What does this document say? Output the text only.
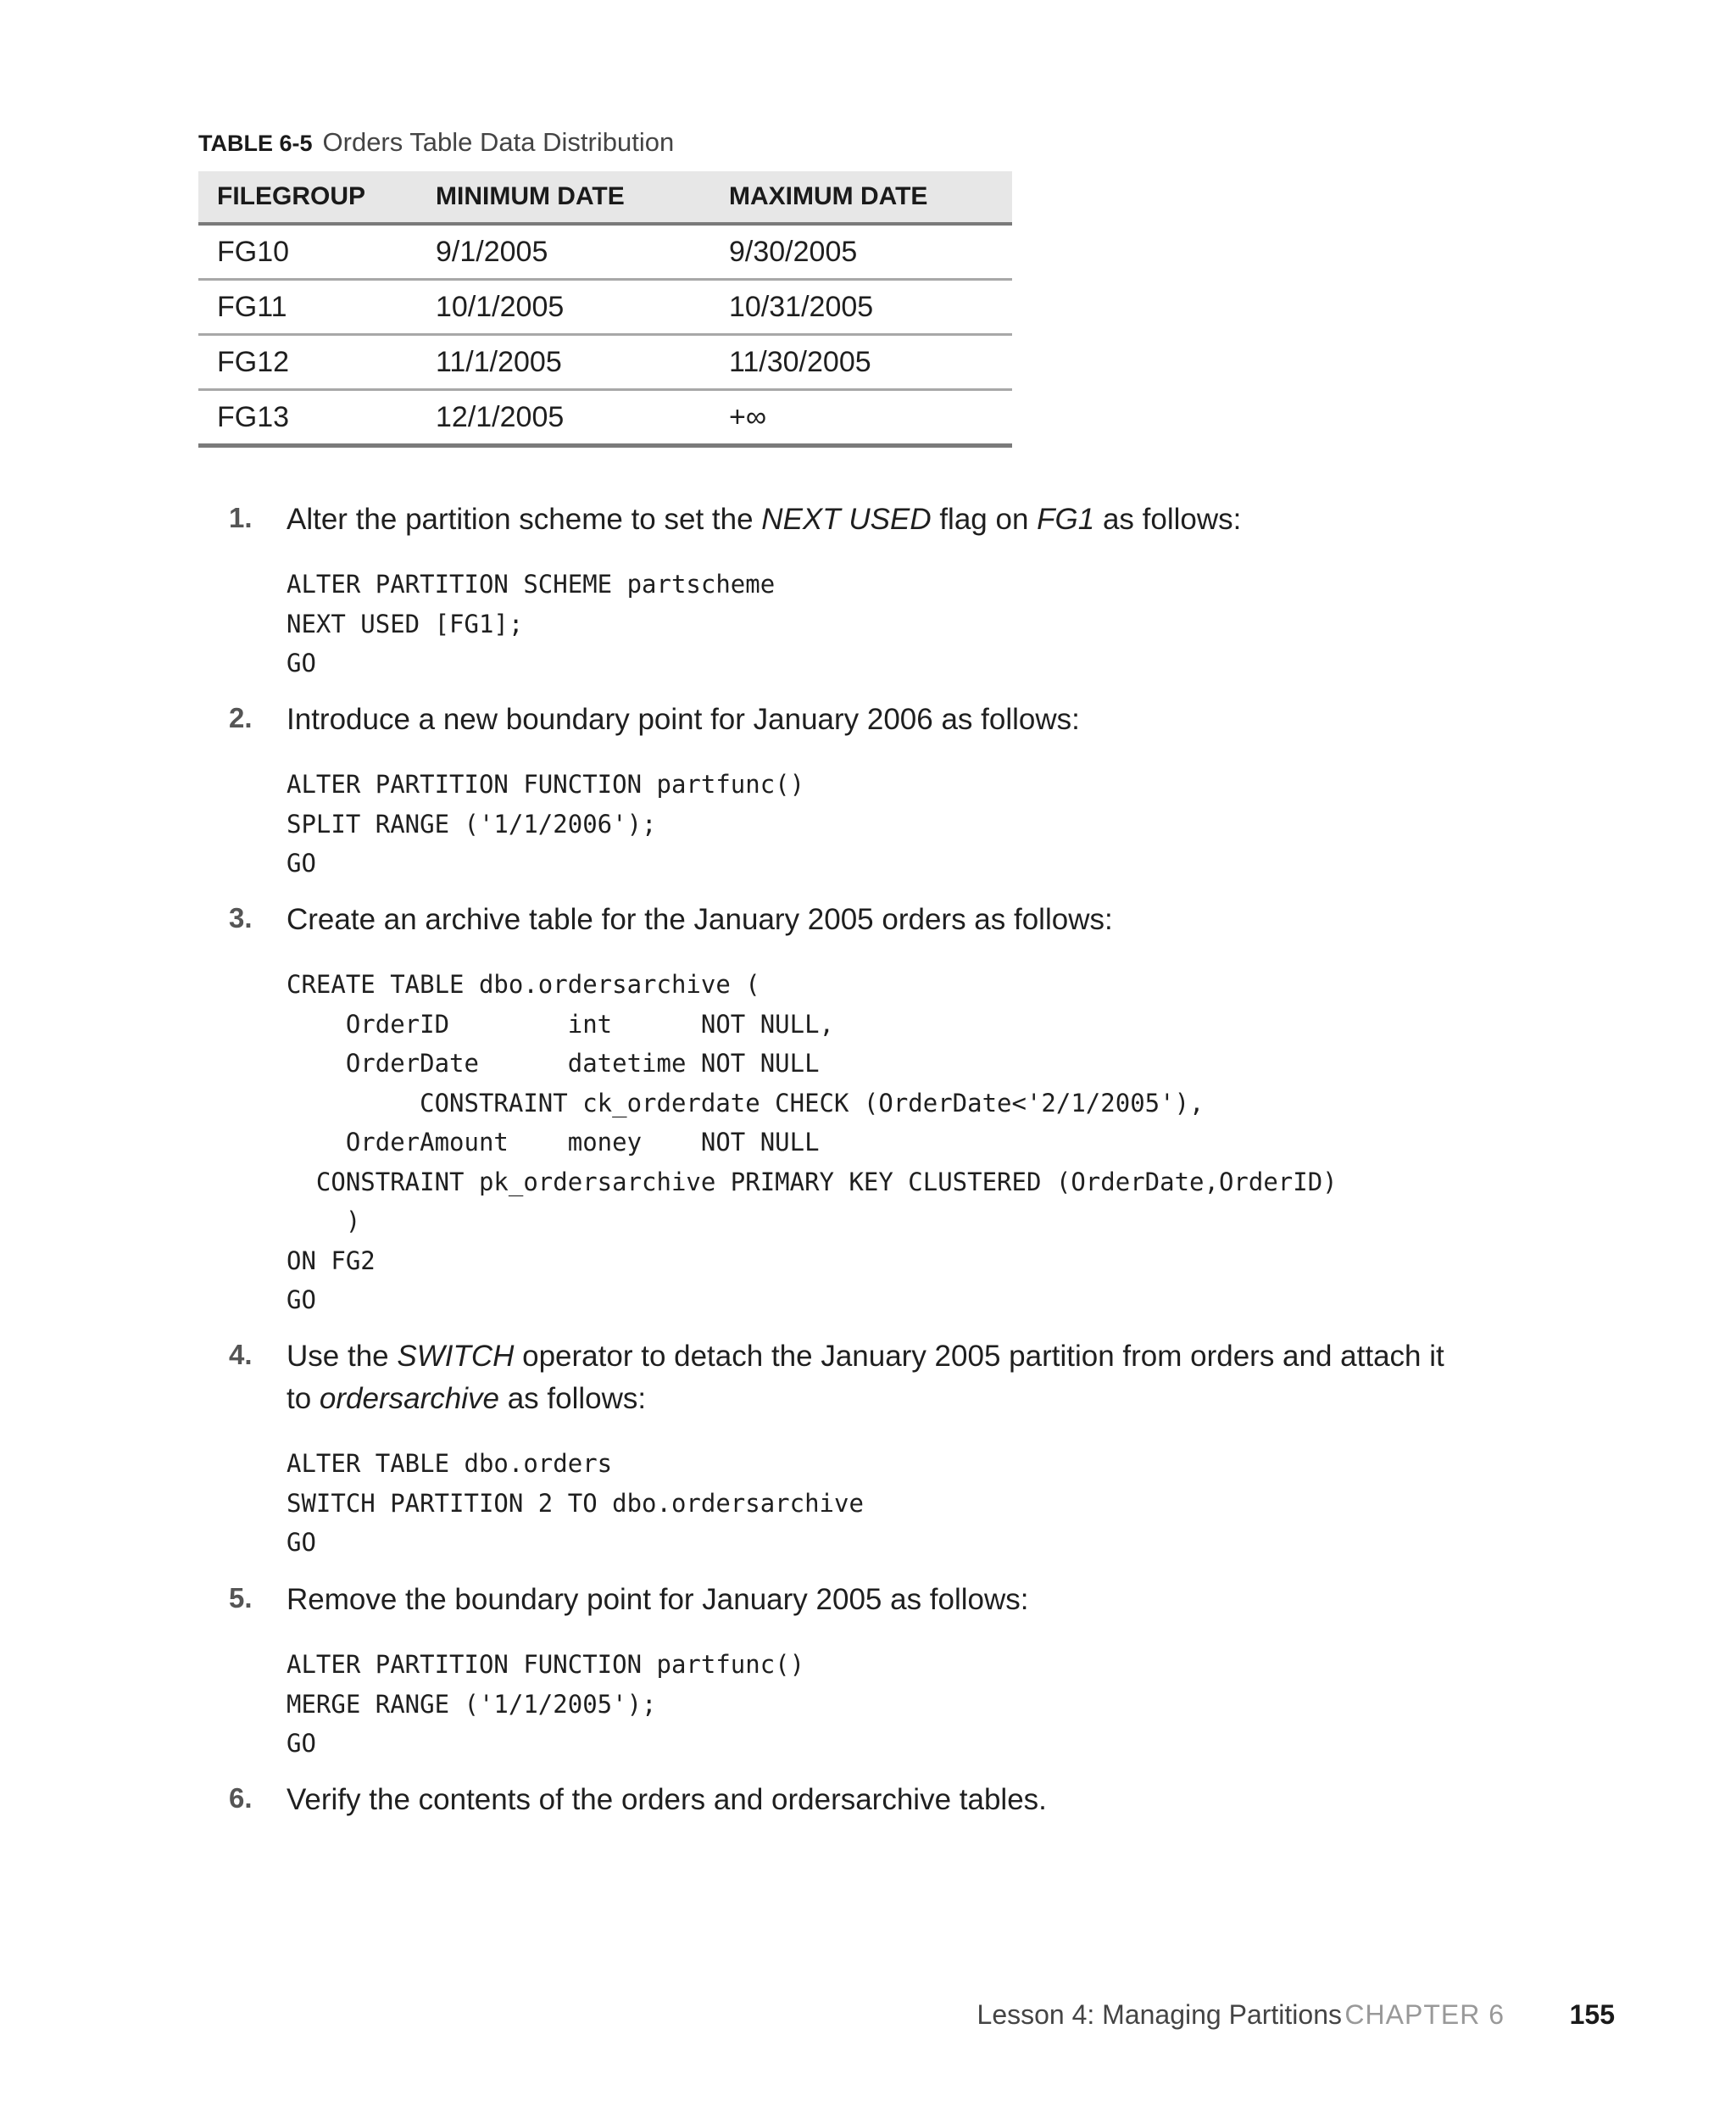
TABLE 6-5 Orders Table Data Distribution
FILEGROUP	MINIMUM DATE	MAXIMUM DATE
FG10	9/1/2005	9/30/2005
FG11	10/1/2005	10/31/2005
FG12	11/1/2005	11/30/2005
FG13	12/1/2005	+∞
1. Alter the partition scheme to set the NEXT USED flag on FG1 as follows:
ALTER PARTITION SCHEME partscheme
NEXT USED [FG1];
GO
2. Introduce a new boundary point for January 2006 as follows:
ALTER PARTITION FUNCTION partfunc()
SPLIT RANGE ('1/1/2006');
GO
3. Create an archive table for the January 2005 orders as follows:
CREATE TABLE dbo.ordersarchive (
OrderID        int      NOT NULL,
OrderDate      datetime NOT NULL
CONSTRAINT ck_orderdate CHECK (OrderDate<'2/1/2005'),
OrderAmount    money    NOT NULL
CONSTRAINT pk_ordersarchive PRIMARY KEY CLUSTERED (OrderDate,OrderID)
)
ON FG2
GO
4. Use the SWITCH operator to detach the January 2005 partition from orders and attach it to ordersarchive as follows:
ALTER TABLE dbo.orders
SWITCH PARTITION 2 TO dbo.ordersarchive
GO
5. Remove the boundary point for January 2005 as follows:
ALTER PARTITION FUNCTION partfunc()
MERGE RANGE ('1/1/2005');
GO
6. Verify the contents of the orders and ordersarchive tables.
Lesson 4: Managing Partitions CHAPTER 6 155
